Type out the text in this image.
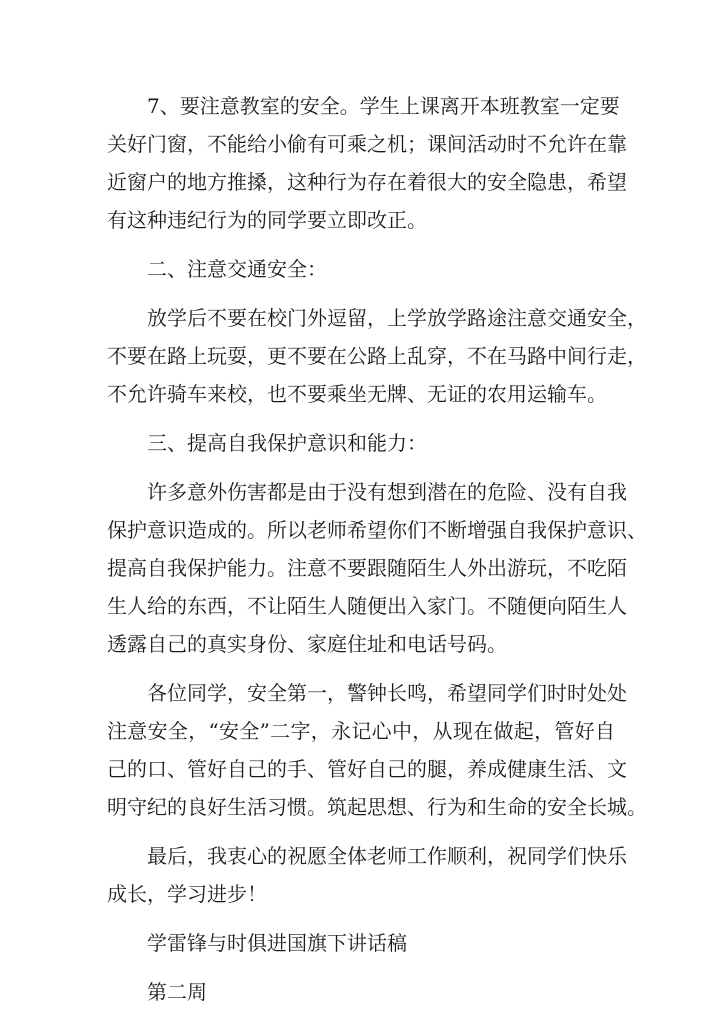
7、要注意教室的安全。学生上课离开本班教室一定要
关好门窗，不能给小偷有可乘之机；课间活动时不允许在靠
近窗户的地方推搡，这种行为存在着很大的安全隐患，希望
有这种违纪行为的同学要立即改正。
二、注意交通安全：
放学后不要在校门外逗留，上学放学路途注意交通安全，
不要在路上玩耍，更不要在公路上乱穿，不在马路中间行走，
不允许骑车来校，也不要乘坐无牌、无证的农用运输车。
三、提高自我保护意识和能力：
许多意外伤害都是由于没有想到潜在的危险、没有自我
保护意识造成的。所以老师希望你们不断增强自我保护意识、
提高自我保护能力。注意不要跟随陌生人外出游玩，不吃陌
生人给的东西，不让陌生人随便出入家门。不随便向陌生人
透露自己的真实身份、家庭住址和电话号码。
各位同学，安全第一，警钟长鸣，希望同学们时时处处
注意安全，“安全”二字，永记心中，从现在做起，管好自
己的口、管好自己的手、管好自己的腿，养成健康生活、文
明守纪的良好生活习惯。筑起思想、行为和生命的安全长城。
最后，我衷心的祝愿全体老师工作顺利，祝同学们快乐
成长，学习进步！
学雷锋与时俱进国旗下讲话稿
第二周
